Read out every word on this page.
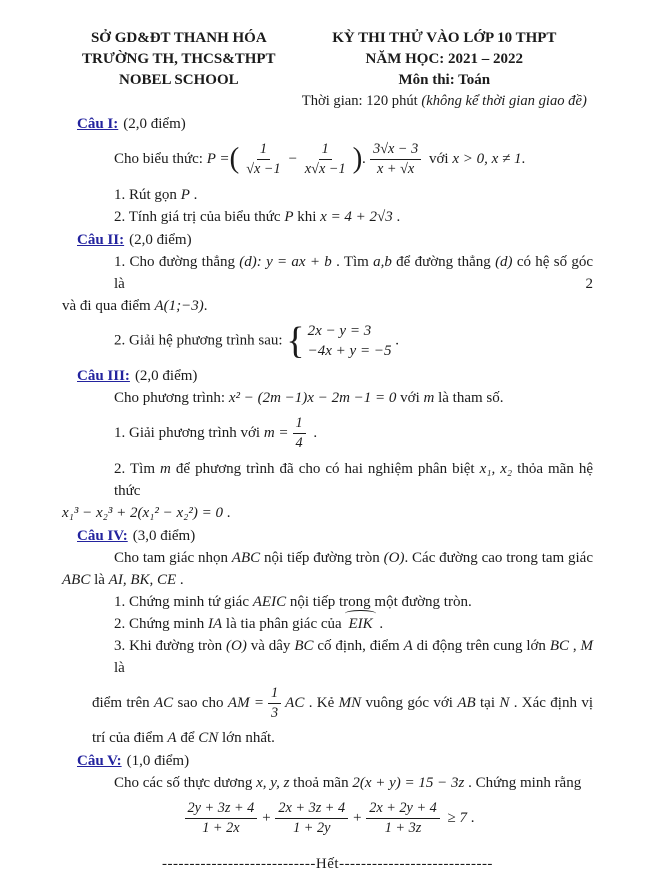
SỞ GD&ĐT THANH HÓA
TRƯỜNG TH, THCS&THPT
NOBEL SCHOOL
KỲ THI THỬ VÀO LỚP 10 THPT
NĂM HỌC: 2021 – 2022
Môn thi: Toán
Thời gian: 120 phút (không kể thời gian giao đề)
Câu I: (2,0 điểm)
Cho biểu thức: P =( $\frac{1}{√x -1} - \frac{1}{x√x -1}$ ). $\frac{3√x - 3}{x + √x}$ với x > 0, x ≠ 1.
1. Rút gọn P .
2. Tính giá trị của biểu thức P khi x = 4 + 2√3 .
Câu II: (2,0 điểm)
1. Cho đường thẳng (d): y = ax + b . Tìm a,b để đường thẳng (d) có hệ số góc là 2
và đi qua điểm A(1;−3).
2. Giải hệ phương trình sau: { 2x − y = 3
−4x + y = −5
.
Câu III: (2,0 điểm)
Cho phương trình: x² − (2m −1)x − 2m −1 = 0 với m là tham số.
1. Giải phương trình với $m = \frac{1}{4}$ .
2. Tìm m để phương trình đã cho có hai nghiệm phân biệt x₁, x₂ thỏa mãn hệ thức
x₁³ − x₂³ + 2(x₁² − x₂²) = 0 .
Câu IV: (3,0 điểm)
Cho tam giác nhọn ABC nội tiếp đường tròn (O). Các đường cao trong tam giác
ABC là AI, BK, CE .
1. Chứng minh tứ giác AEIC nội tiếp trong một đường tròn.
2. Chứng minh IA là tia phân giác của EIK .
3. Khi đường tròn (O) và dây BC cố định, điểm A di động trên cung lớn BC , M là
điểm trên AC sao cho AM = $\frac{1}{3}$ AC . Kẻ MN vuông góc với AB tại N . Xác định vị
trí của điểm A để CN lớn nhất.
Câu V: (1,0 điểm)
Cho các số thực dương x, y, z thoả mãn 2(x + y) = 15 − 3z . Chứng minh rằng
$\frac{2y + 3z + 4}{1 + 2x} + \frac{2x + 3z + 4}{1 + 2y} + \frac{2x + 2y + 4}{1 + 3z} \ge 7$ .
----------------------------Hết----------------------------
